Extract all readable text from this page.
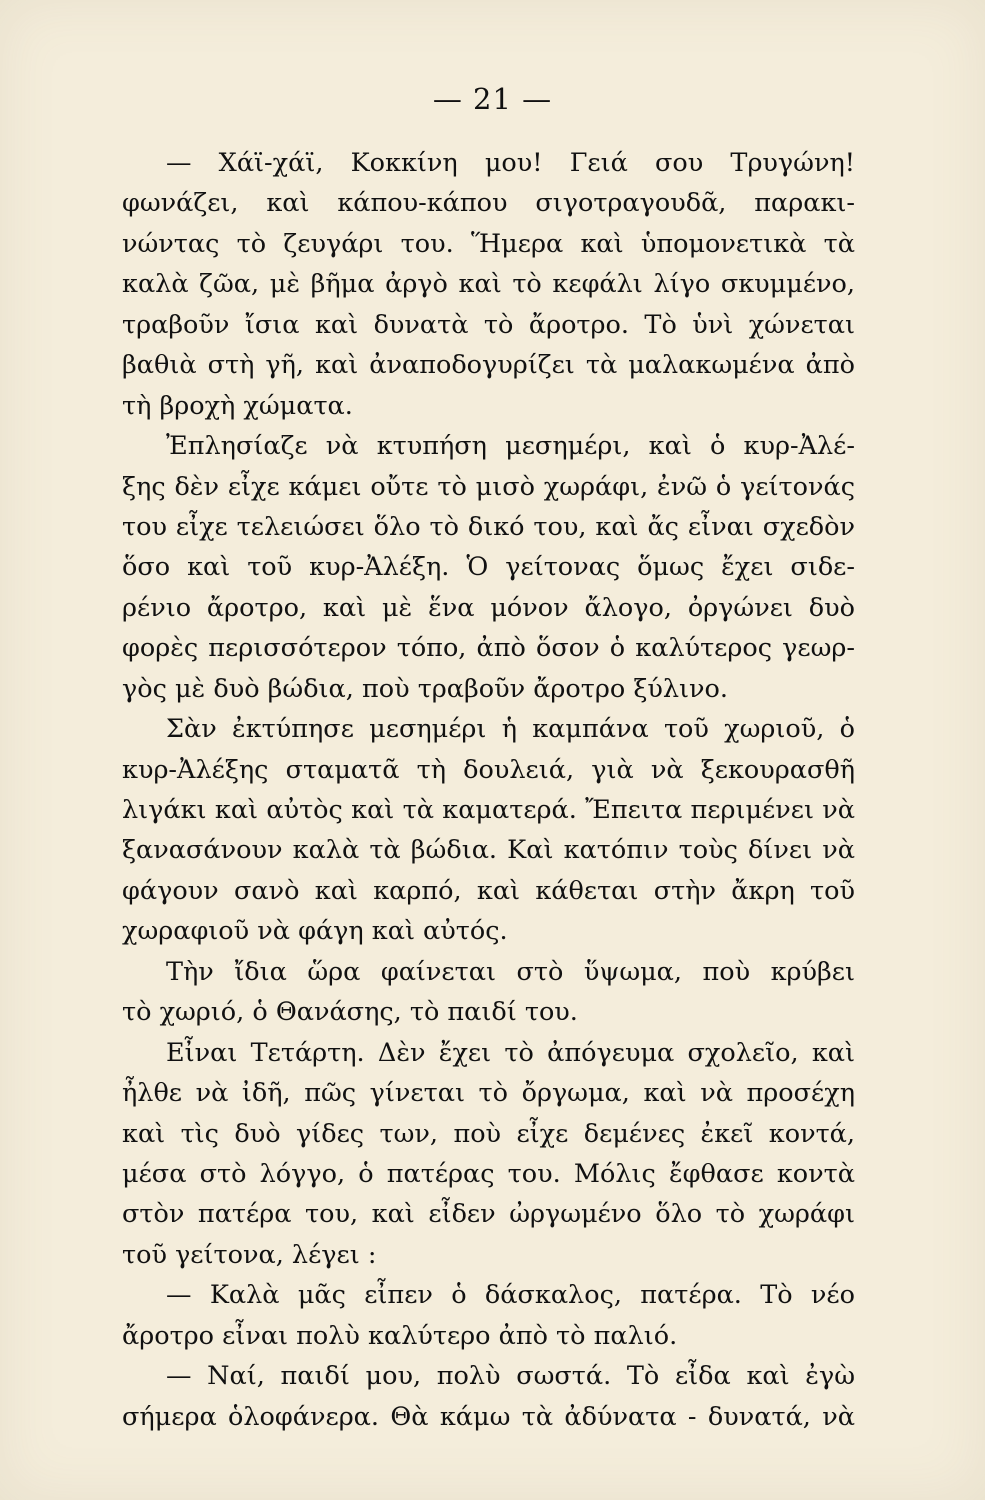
— 21 —
— Χάϊ-χάϊ, Κοκκίνη μου! Γειά σου Τρυγώνη!
φωνάζει, καὶ κάπου-κάπου σιγοτραγουδᾶ, παρακι-
νώντας τὸ ζευγάρι του. Ἥμερα καὶ ὑπομονετικὰ τὰ
καλὰ ζῶα, μὲ βῆμα ἀργὸ καὶ τὸ κεφάλι λίγο σκυμμένο,
τραβοῦν ἴσια καὶ δυνατὰ τὸ ἄροτρο. Τὸ ὑνὶ χώνεται
βαθιὰ στὴ γῆ, καὶ ἀναποδογυρίζει τὰ μαλακωμένα ἀπὸ
τὴ βροχὴ χώματα.
Ἐπλησίαζε νὰ κτυπήση μεσημέρι, καὶ ὁ κυρ-Ἀλέ-
ξης δὲν εἶχε κάμει οὔτε τὸ μισὸ χωράφι, ἐνῶ ὁ γείτονάς
του εἶχε τελειώσει ὅλο τὸ δικό του, καὶ ἄς εἶναι σχεδὸν
ὅσο καὶ τοῦ κυρ-Ἀλέξη. Ὁ γείτονας ὅμως ἔχει σιδε-
ρένιο ἄροτρο, καὶ μὲ ἕνα μόνον ἄλογο, ὀργώνει δυὸ
φορὲς περισσότερον τόπο, ἀπὸ ὅσον ὁ καλύτερος γεωρ-
γὸς μὲ δυὸ βώδια, ποὺ τραβοῦν ἄροτρο ξύλινο.
Σὰν ἐκτύπησε μεσημέρι ἡ καμπάνα τοῦ χωριοῦ, ὁ
κυρ-Ἀλέξης σταματᾶ τὴ δουλειά, γιὰ νὰ ξεκουρασθῆ
λιγάκι καὶ αὐτὸς καὶ τὰ καματερά. Ἔπειτα περιμένει νὰ
ξανασάνουν καλὰ τὰ βώδια. Καὶ κατόπιν τοὺς δίνει νὰ
φάγουν σανὸ καὶ καρπό, καὶ κάθεται στὴν ἄκρη τοῦ
χωραφιοῦ νὰ φάγη καὶ αὐτός.
Τὴν ἴδια ὥρα φαίνεται στὸ ὕψωμα, ποὺ κρύβει
τὸ χωριό, ὁ Θανάσης, τὸ παιδί του.
Εἶναι Τετάρτη. Δὲν ἔχει τὸ ἀπόγευμα σχολεῖο, καὶ
ἦλθε νὰ ἰδῆ, πῶς γίνεται τὸ ὄργωμα, καὶ νὰ προσέχη
καὶ τὶς δυὸ γίδες των, ποὺ εἶχε δεμένες ἐκεῖ κοντά,
μέσα στὸ λόγγο, ὁ πατέρας του. Μόλις ἔφθασε κοντὰ
στὸν πατέρα του, καὶ εἶδεν ὠργωμένο ὅλο τὸ χωράφι
τοῦ γείτονα, λέγει :
— Καλὰ μᾶς εἶπεν ὁ δάσκαλος, πατέρα. Τὸ νέο
ἄροτρο εἶναι πολὺ καλύτερο ἀπὸ τὸ παλιό.
— Ναί, παιδί μου, πολὺ σωστά. Τὸ εἶδα καὶ ἐγὼ
σήμερα ὁλοφάνερα. Θὰ κάμω τὰ ἀδύνατα - δυνατά, νὰ
